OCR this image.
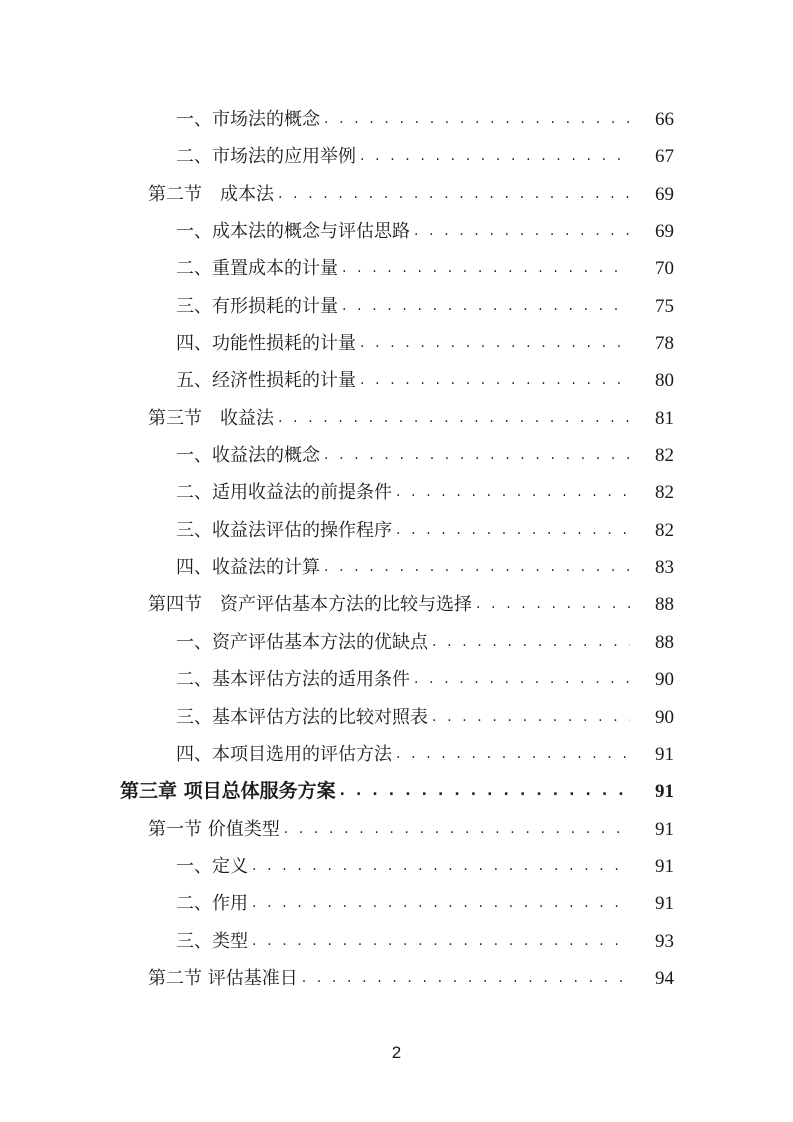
一、市场法的概念 . . .	66
二、市场法的应用举例 . . .	67
第二节　成本法 . . .	69
一、成本法的概念与评估思路 . . .	69
二、重置成本的计量 . . .	70
三、有形损耗的计量 . . .	75
四、功能性损耗的计量 . . .	78
五、经济性损耗的计量 . . .	80
第三节　收益法 . . .	81
一、收益法的概念 . . .	82
二、适用收益法的前提条件 . . .	82
三、收益法评估的操作程序 . . .	82
四、收益法的计算 . . .	83
第四节　资产评估基本方法的比较与选择 . . .	88
一、资产评估基本方法的优缺点 . . .	88
二、基本评估方法的适用条件 . . .	90
三、基本评估方法的比较对照表 . . .	90
四、本项目选用的评估方法 . . .	91
第三章 项目总体服务方案 . . .	91
第一节 价值类型 . . .	91
一、定义 . . .	91
二、作用 . . .	91
三、类型 . . .	93
第二节 评估基准日 . . .	94
2
